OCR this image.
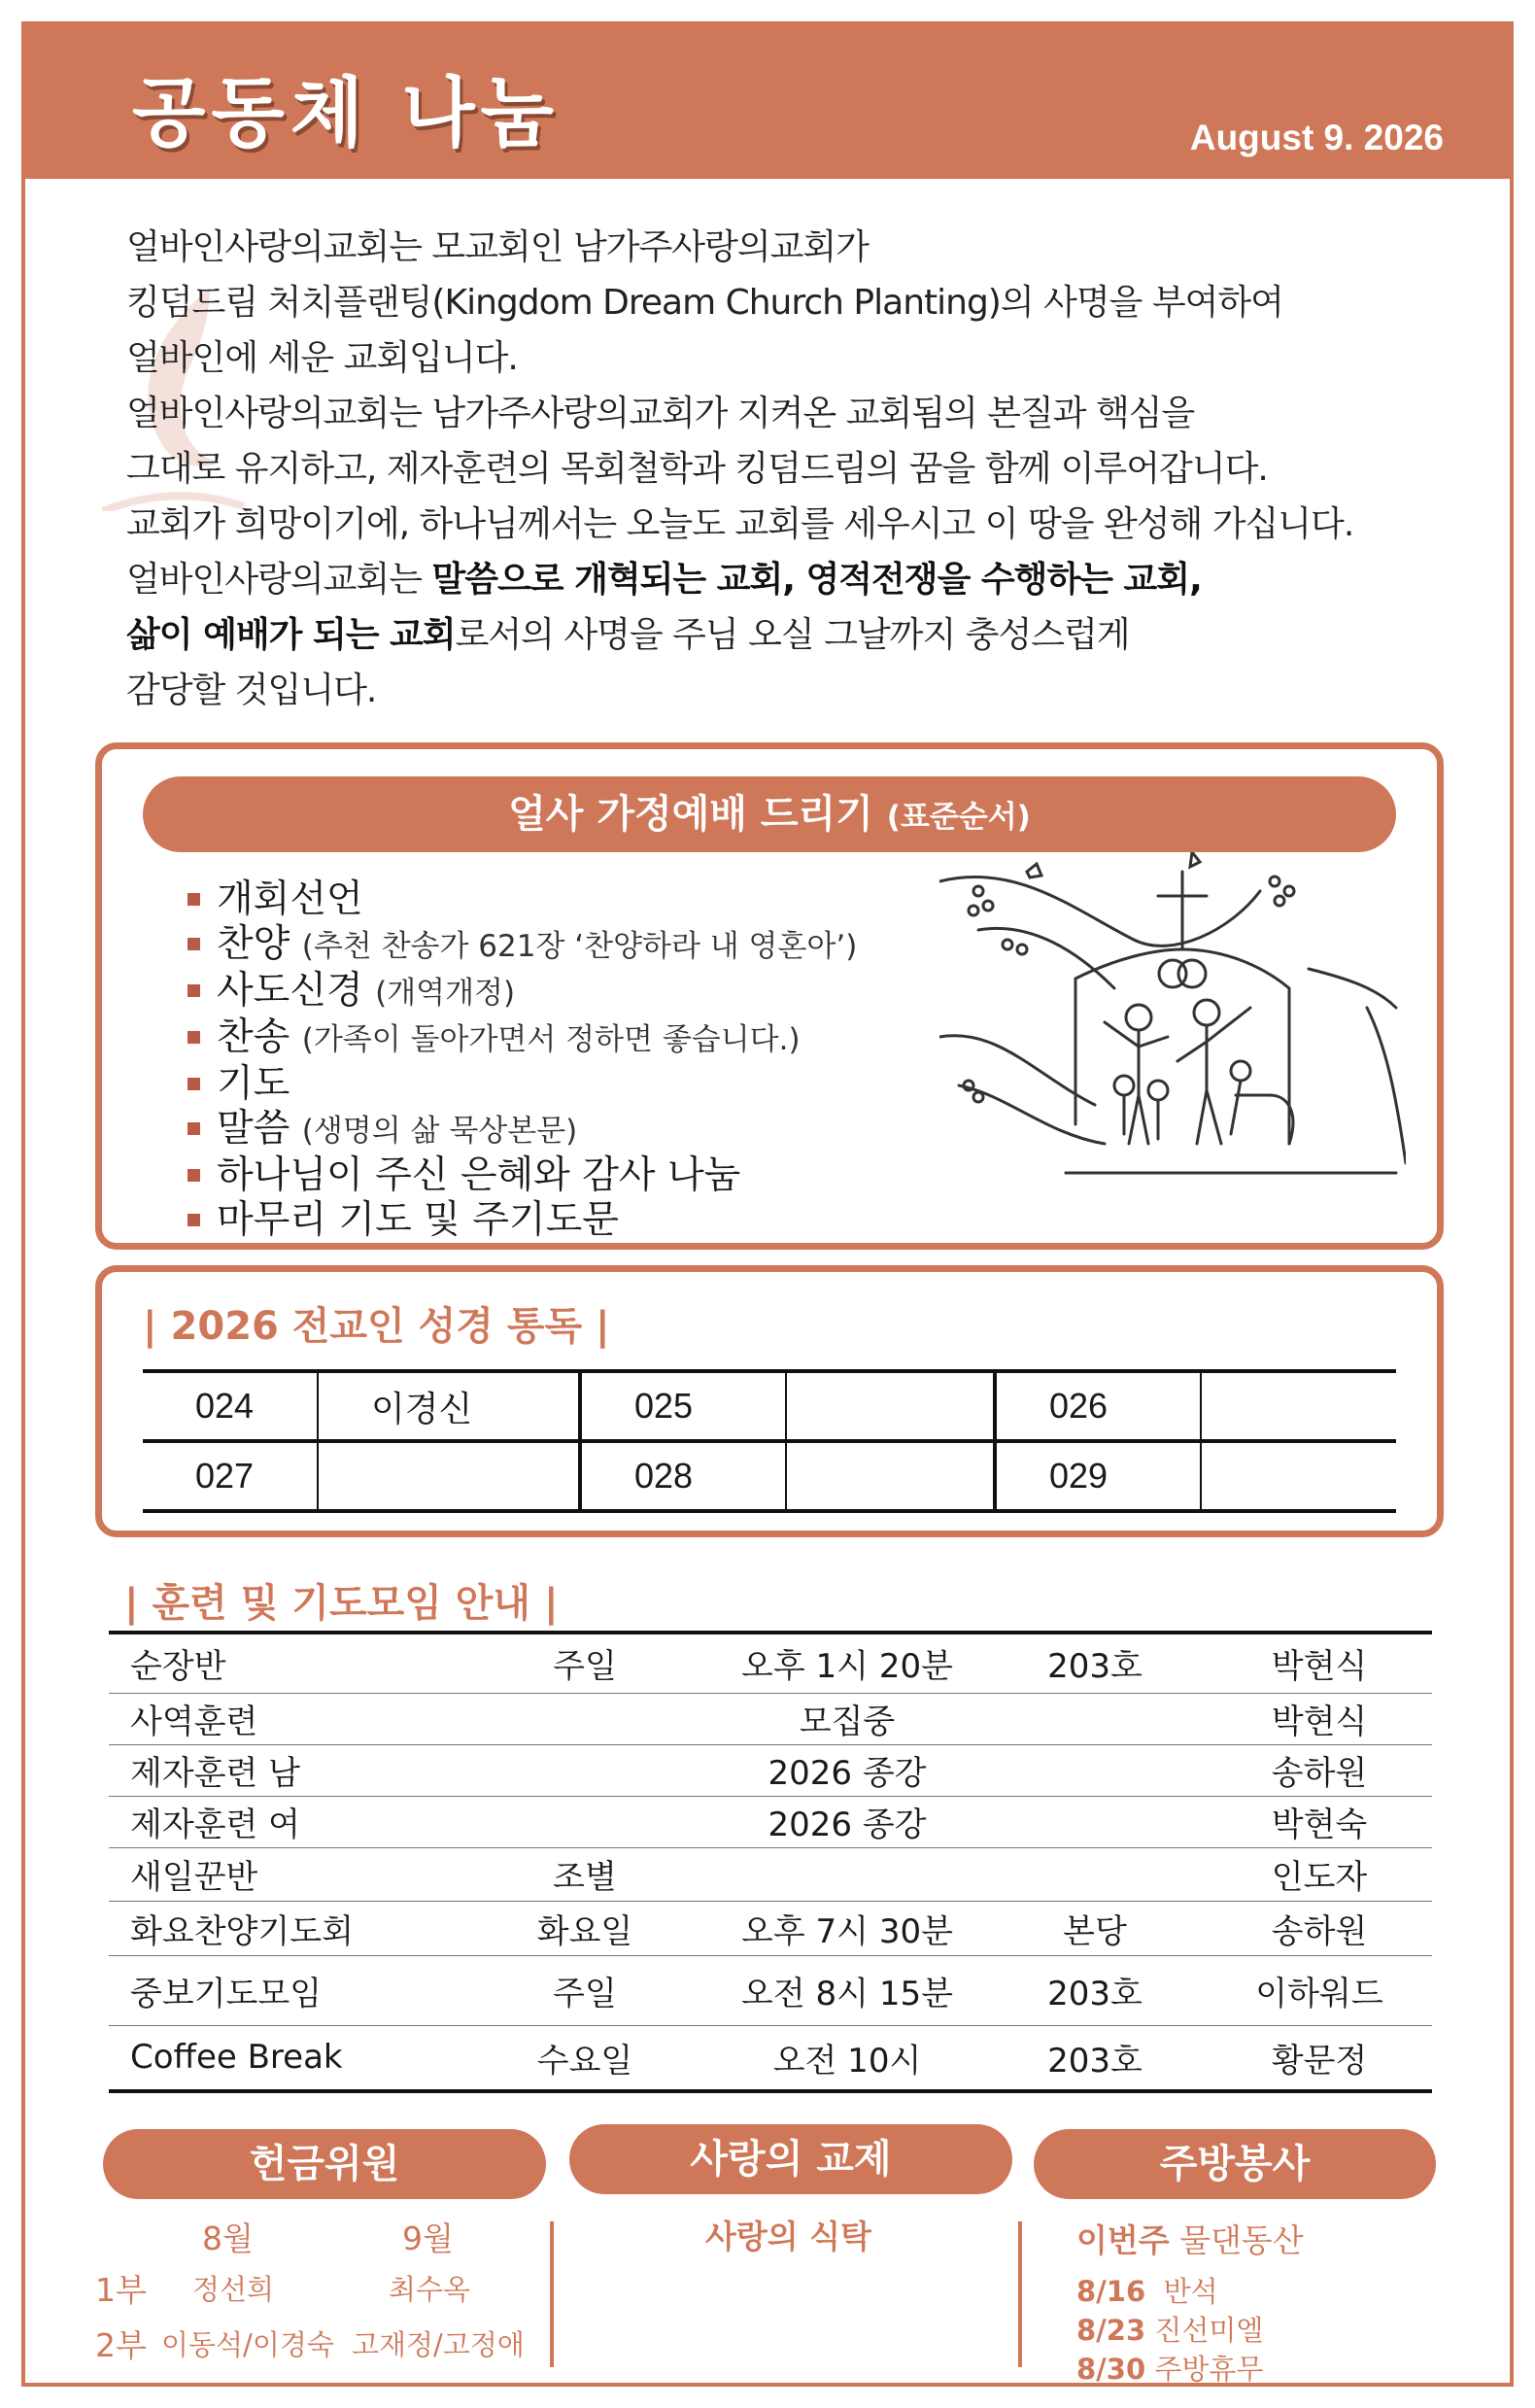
공동체 나눔	August 9. 2026

얼바인사랑의교회는 모교회인 남가주사랑의교회가

킹덤드림 처치플랜팅(Kingdom Dream Church Planting)의 사명을 부여하여

얼바인에 세운 교회입니다.

얼바인사랑의교회는 남가주사랑의교회가 지켜온 교회됨의 본질과 핵심을

그대로 유지하고, 제자훈련의 목회철학과 킹덤드림의 꿈을 함께 이루어갑니다.

교회가 희망이기에, 하나님께서는 오늘도 교회를 세우시고 이 땅을 완성해 가십니다.

얼바인사랑의교회는 말씀으로 개혁되는 교회, 영적전쟁을 수행하는 교회,

삶이 예배가 되는 교회로서의 사명을 주님 오실 그날까지 충성스럽게

감당할 것입니다.

얼사 가정예배 드리기 (표준순서)
개회선언
찬양 (추천 찬송가 621장 ‘찬양하라 내 영혼아’)
사도신경 (개역개정)
찬송 (가족이 돌아가면서 정하면 좋습니다.)
기도
말씀 (생명의 삶 묵상본문)
하나님이 주신 은혜와 감사 나눔
마무리 기도 및 주기도문
| 2026 전교인 성경 통독 |
024	이경신	025		026	
027		028		029	
| 훈련 및 기도모임 안내 |
순장반	주일	오후 1시 20분	203호	박현식
사역훈련		모집중		박현식
제자훈련 남		2026 종강		송하원
제자훈련 여		2026 종강		박현숙
새일꾼반	조별			인도자
화요찬양기도회	화요일	오후 7시 30분	본당	송하원
중보기도모임	주일	오전 8시 15분	203호	이하워드
Coffee Break	수요일	오전 10시	203호	황문정
헌금위원	사랑의 교제	주방봉사
8월	9월
1부 정선희	최수옥
2부 이동석/이경숙 고재정/고정애
사랑의 식탁	이번주 물댄동산
8/16 반석
8/23 진선미엘
8/30 주방휴무
